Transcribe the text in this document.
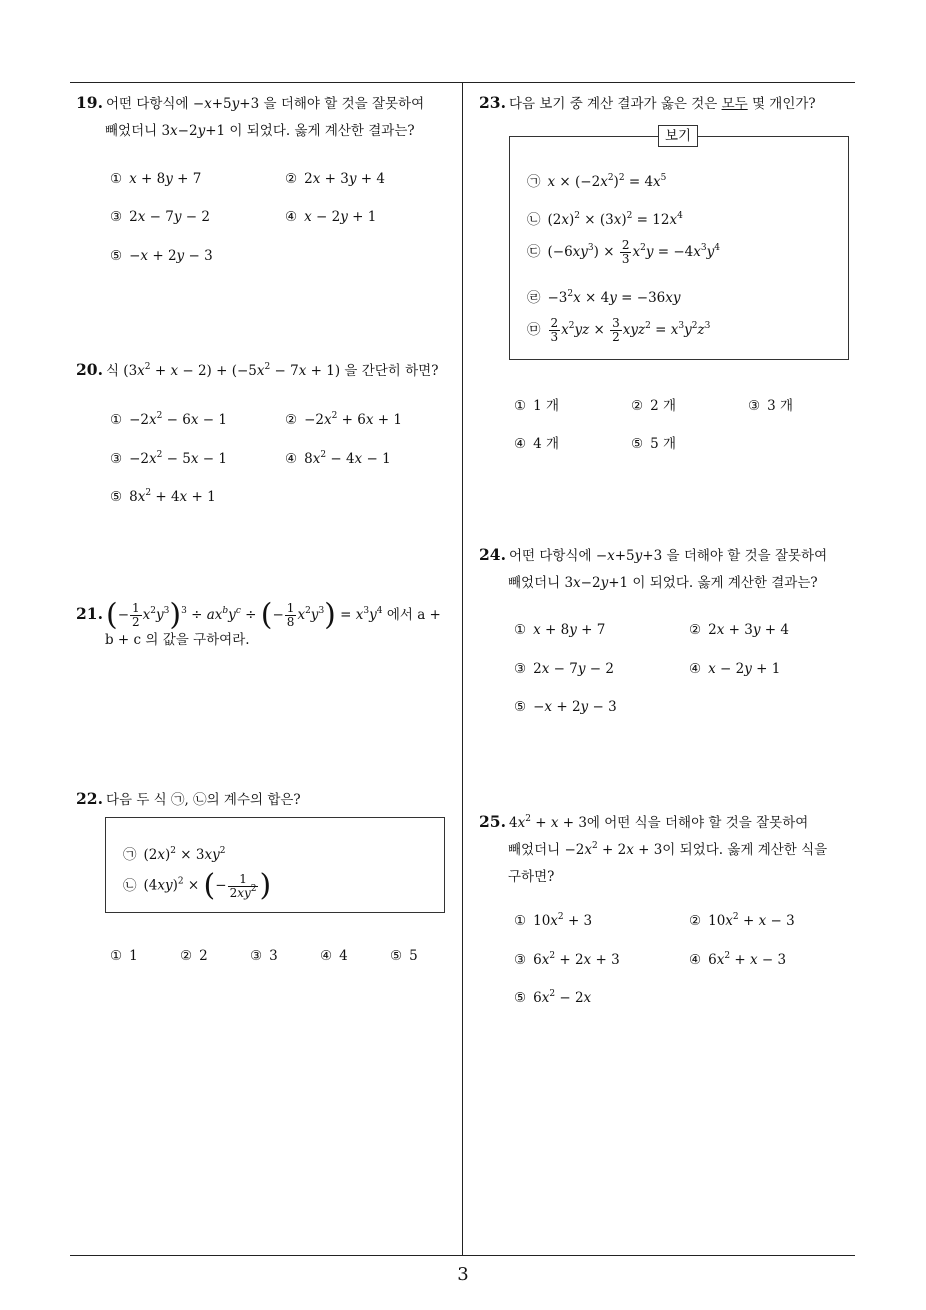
3
19. 어떤 다항식에 −x+5y+3 을 더해야 할 것을 잘못하여
빼었더니 3x−2y+1 이 되었다. 옳게 계산한 결과는?
① x + 8y + 7	② 2x + 3y + 4
③ 2x − 7y − 2	④ x − 2y + 1
⑤ −x + 2y − 3
20. 식 $(3x^2 + x - 2) + (-5x^2 - 7x + 1)$ 을 간단히 하면?
① $-2x^2 - 6x - 1$	② $-2x^2 + 6x + 1$
③ $-2x^2 - 5x - 1$	④ $8x^2 - 4x - 1$
⑤ $8x^2 + 4x + 1$
21. (− $\frac{1}{2} x^2y^3)^3 \div ax^by^c$ ÷ (− $\frac{1}{8} x^2y^3) = x^3y^4$ 에서 a +
b + c 의 값을 구하여라.
22. 다음 두 식 ㉠, ㉡의 계수의 합은?
㉠ $(2x)^2 \times 3xy^2$
㉡ $(4xy)^2$ × (− $\frac{1}{2xy^2}$ )
① 1	② 2	③ 3	④ 4	⑤ 5
23. 다음 보기 중 계산 결과가 옳은 것은 모두 몇 개인가?
보기
㉠ $x \times (-2x^2)^2 = 4x^5$
㉡ $(2x)^2 \times (3x)^2 = 12x^4$
㉢ $(-6xy^3) \times \frac{2}{3} x^2y = -4x^3y^4$
㉣ $-3^2x \times 4y = -36xy$
㉤ $\frac{2}{3} x^2yz \times \frac{3}{2} xyz^2 = x^3y^2z^3$
① 1 개	② 2 개	③ 3 개
④ 4 개	⑤ 5 개
24. 어떤 다항식에 −x+5y+3 을 더해야 할 것을 잘못하여
빼었더니 3x−2y+1 이 되었다. 옳게 계산한 결과는?
① x + 8y + 7	② 2x + 3y + 4
③ 2x − 7y − 2	④ x − 2y + 1
⑤ −x + 2y − 3
25. $4x^2 + x + 3$에 어떤 식을 더해야 할 것을 잘못하여
빼었더니 $-2x^2 + 2x + 3$이 되었다. 옳게 계산한 식을
구하면?
① $10x^2 + 3$	② $10x^2 + x - 3$
③ $6x^2 + 2x + 3$	④ $6x^2 + x - 3$
⑤ $6x^2 - 2x$
